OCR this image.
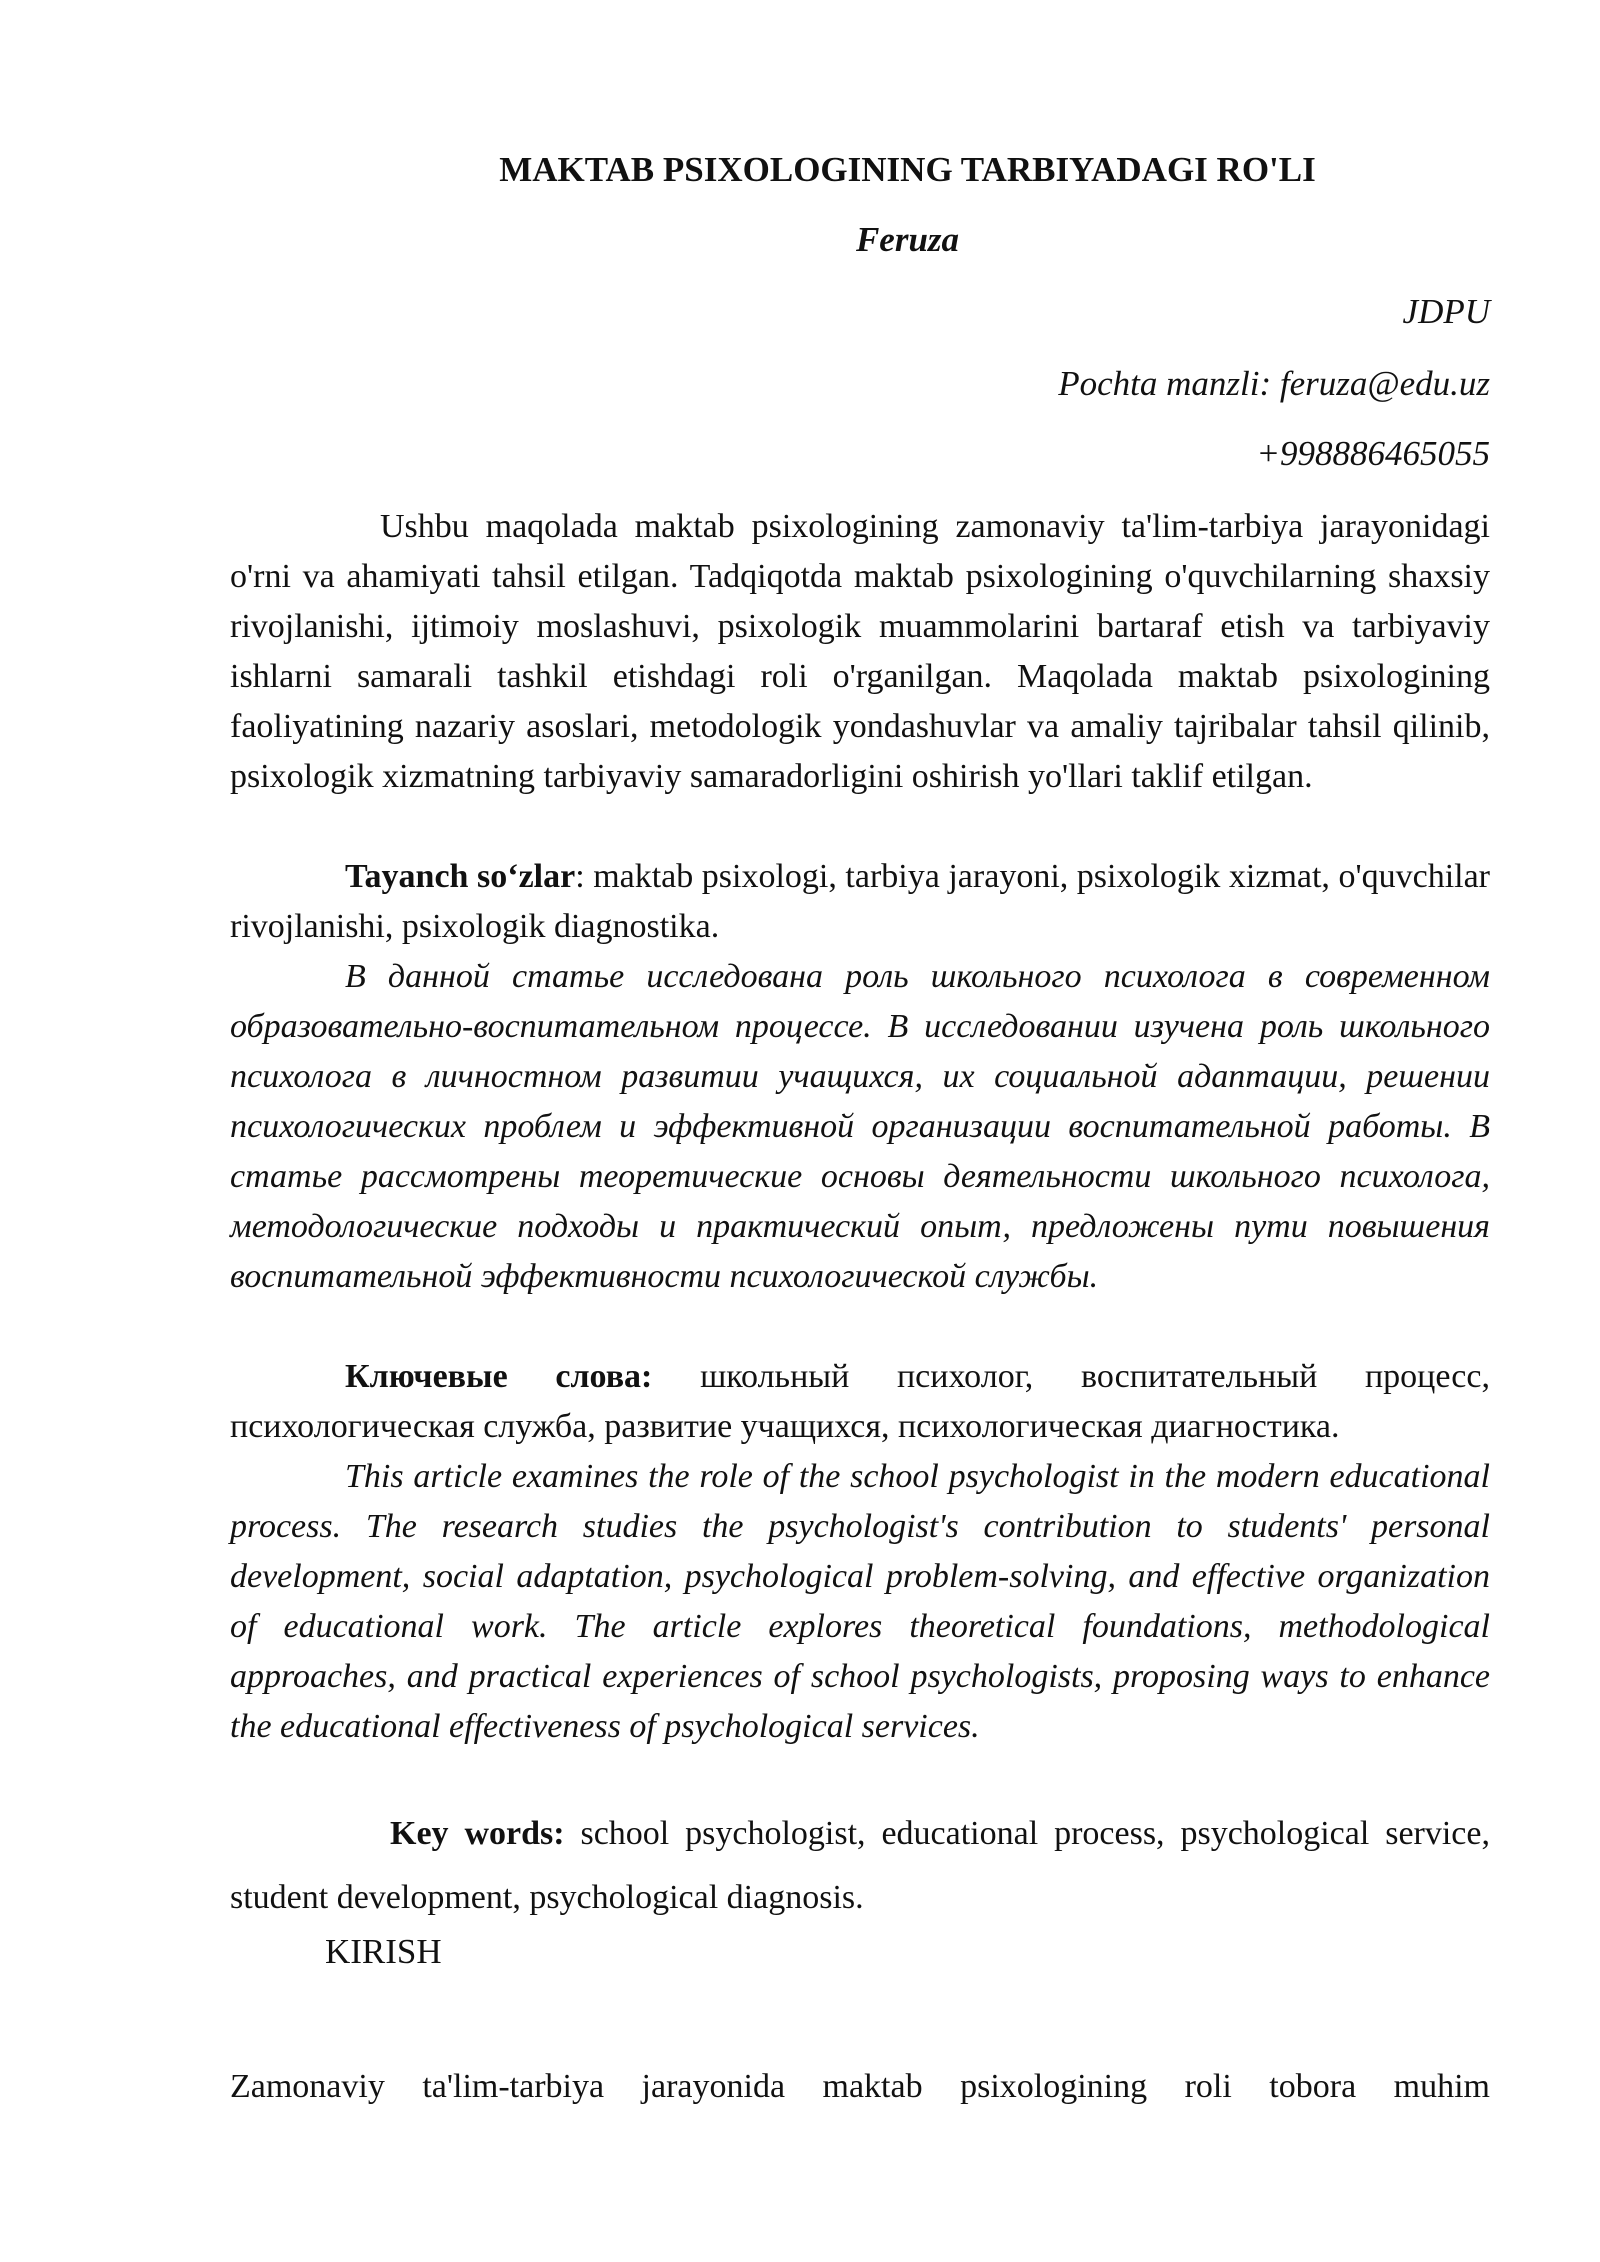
MAKTAB PSIXOLOGINING TARBIYADAGI RO'LI
Feruza
JDPU
Pochta manzli: feruza@edu.uz
+998886465055
Ushbu maqolada maktab psixologining zamonaviy ta'lim-tarbiya jarayonidagi o'rni va ahamiyati tahsil etilgan. Tadqiqotda maktab psixologining o'quvchilarning shaxsiy rivojlanishi, ijtimoiy moslashuvi, psixologik muammolarini bartaraf etish va tarbiyaviy ishlarni samarali tashkil etishdagi roli o'rganilgan. Maqolada maktab psixologining faoliyatining nazariy asoslari, metodologik yondashuvlar va amaliy tajribalar tahsil qilinib, psixologik xizmatning tarbiyaviy samaradorligini oshirish yo'llari taklif etilgan.
Tayanch so‘zlar: maktab psixologi, tarbiya jarayoni, psixologik xizmat, o'quvchilar rivojlanishi, psixologik diagnostika.
В данной статье исследована роль школьного психолога в современном образовательно-воспитательном процессе. В исследовании изучена роль школьного психолога в личностном развитии учащихся, их социальной адаптации, решении психологических проблем и эффективной организации воспитательной работы. В статье рассмотрены теоретические основы деятельности школьного психолога, методологические подходы и практический опыт, предложены пути повышения воспитательной эффективности психологической службы.
Ключевые слова: школьный психолог, воспитательный процесс, психологическая служба, развитие учащихся, психологическая диагностика.
This article examines the role of the school psychologist in the modern educational process. The research studies the psychologist's contribution to students' personal development, social adaptation, psychological problem-solving, and effective organization of educational work. The article explores theoretical foundations, methodological approaches, and practical experiences of school psychologists, proposing ways to enhance the educational effectiveness of psychological services.
Key words: school psychologist, educational process, psychological service, student development, psychological diagnosis.
KIRISH
Zamonaviy ta'lim-tarbiya jarayonida maktab psixologining roli tobora muhim
